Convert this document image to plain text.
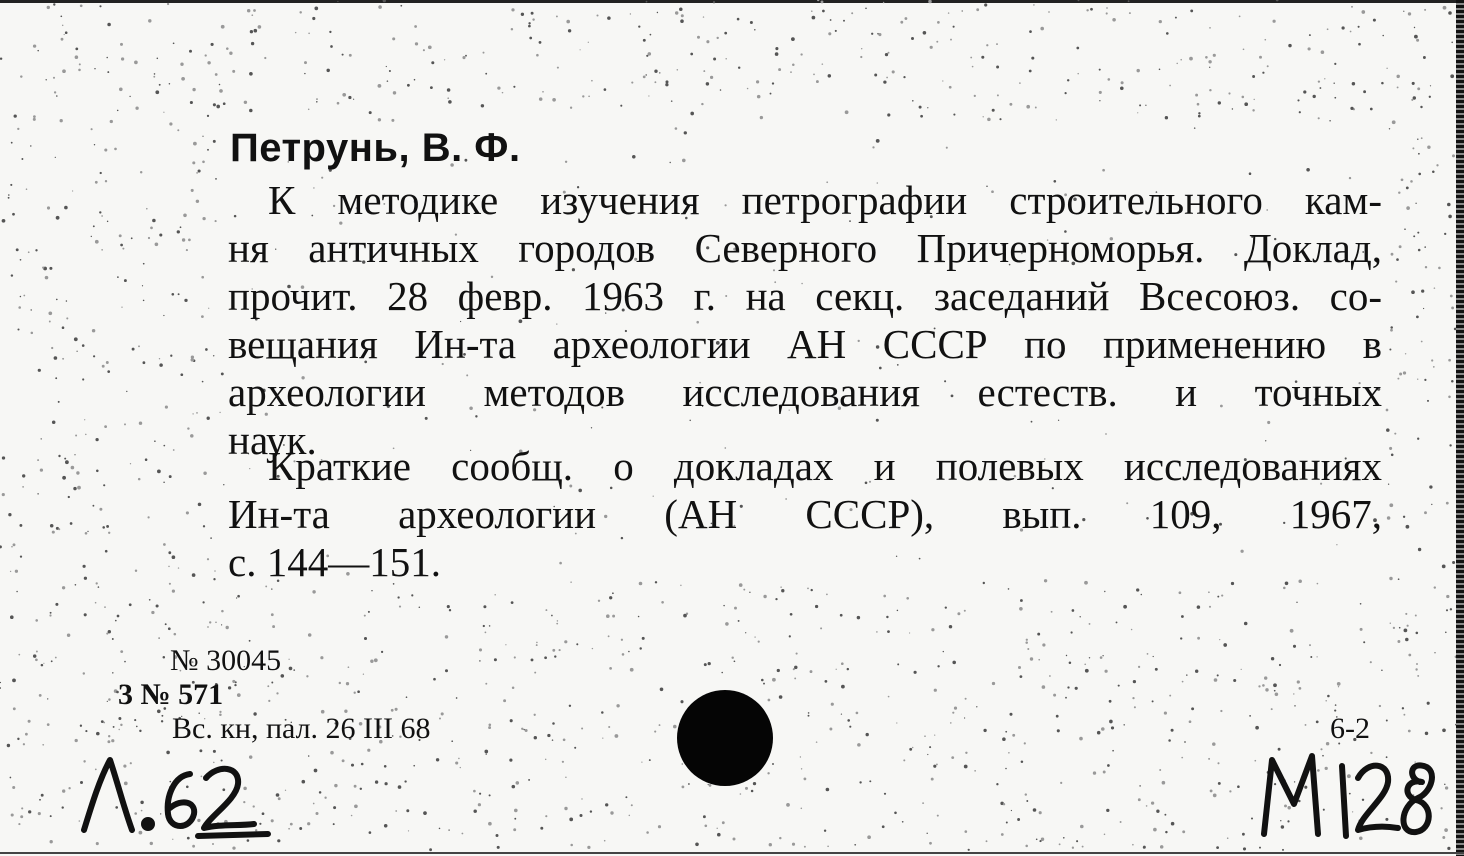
Петрунь, В. Ф.
К методике изучения петрографии строительного кам-
ня античных городов Северного Причерноморья. Доклад,
прочит. 28 февр. 1963 г. на секц. заседаний Всесоюз. со-
вещания Ин-та археологии АН СССР по применению в
археологии методов исследования естеств. и точных
наук.
Краткие сообщ. о докладах и полевых исследованиях
Ин-та археологии (АН СССР), вып. 109, 1967,
с. 144—151.
№ 30045
3 № 571
Вс. кн, пал. 26 III 68	6-2
